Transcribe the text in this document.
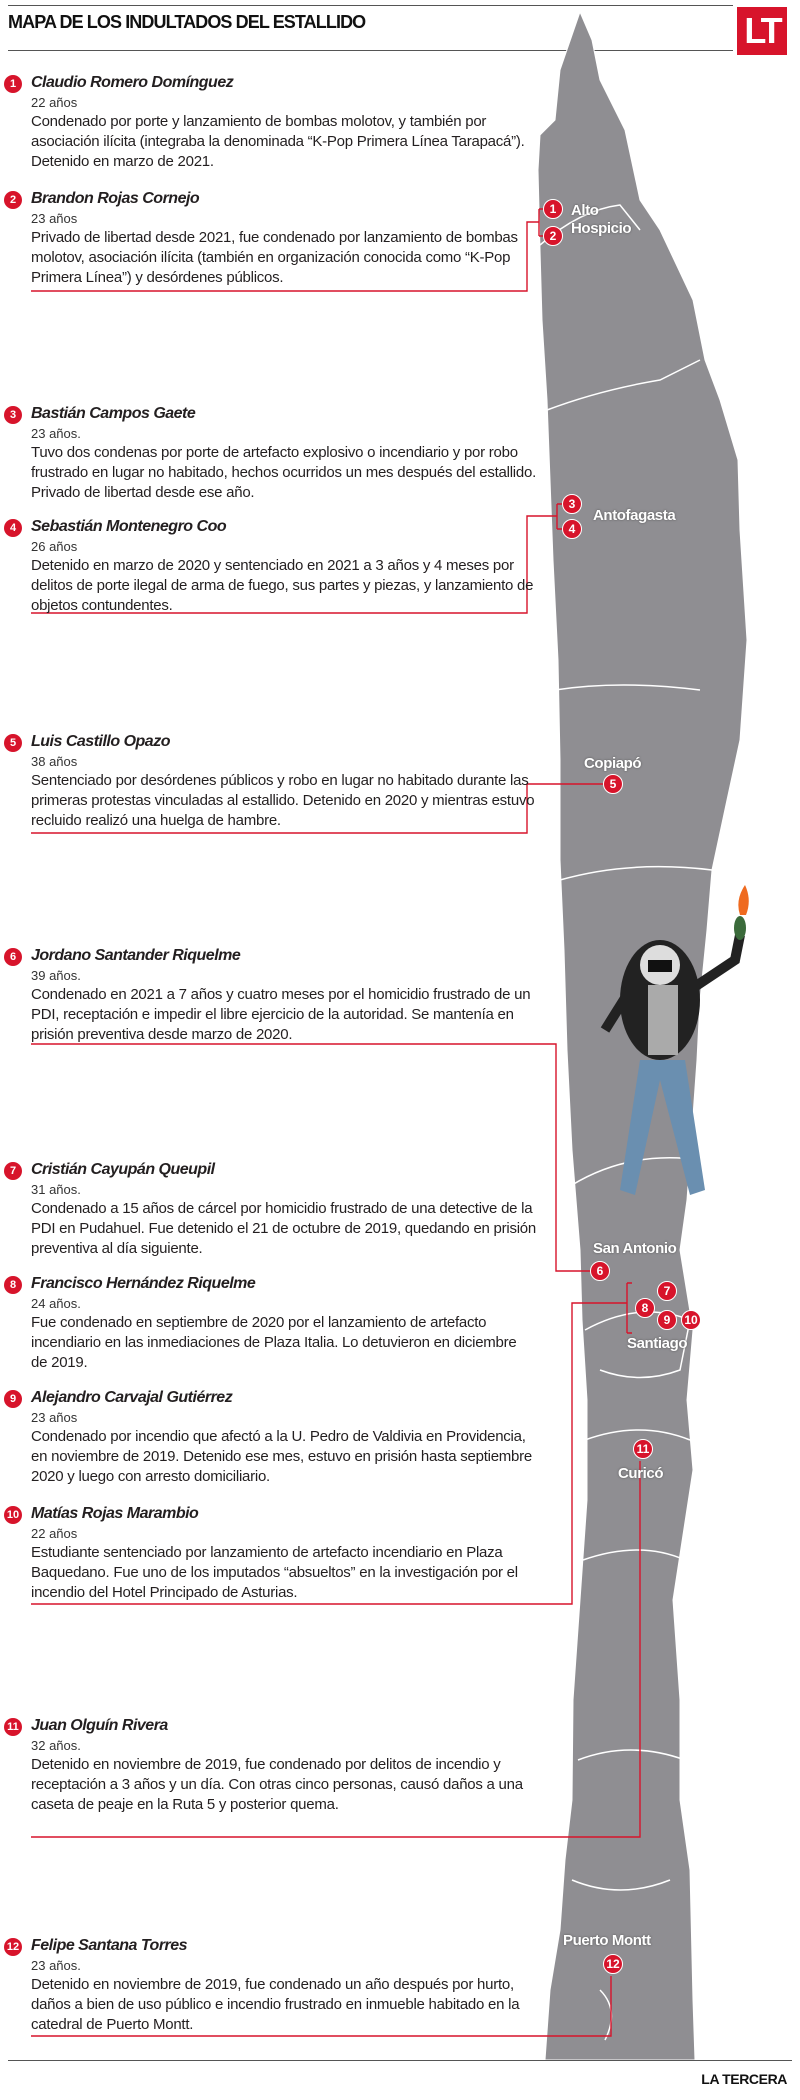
MAPA DE LOS INDULTADOS DEL ESTALLIDO	LT
Alto Hospicio
1
2
Antofagasta
3
4
Copiapó
5
San Antonio
6
7
8
9	10
Santiago
11
Curicó
Puerto Montt
12
1 Claudio Romero Domínguez
22 años
Condenado por porte y lanzamiento de bombas molotov, y también por asociación ilícita (integraba la denominada “K-Pop Primera Línea Tarapacá”). Detenido en marzo de 2021.
2 Brandon Rojas Cornejo
23 años
Privado de libertad desde 2021, fue condenado por lanzamiento de bombas molotov, asociación ilícita (también en organización conocida como “K-Pop Primera Línea”) y desórdenes públicos.
3 Bastián Campos Gaete
23 años.
Tuvo dos condenas por porte de artefacto explosivo o incendiario y por robo frustrado en lugar no habitado, hechos ocurridos un mes después del estallido. Privado de libertad desde ese año.
4 Sebastián Montenegro Coo
26 años
Detenido en marzo de 2020 y sentenciado en 2021 a 3 años y 4 meses por delitos de porte ilegal de arma de fuego, sus partes y piezas, y lanzamiento de objetos contundentes.
5 Luis Castillo Opazo
38 años
Sentenciado por desórdenes públicos y robo en lugar no habitado durante las primeras protestas vinculadas al estallido. Detenido en 2020 y mientras estuvo recluido realizó una huelga de hambre.
6 Jordano Santander Riquelme
39 años.
Condenado en 2021 a 7 años y cuatro meses por el homicidio frustrado de un PDI, receptación e impedir el libre ejercicio de la autoridad. Se mantenía en prisión preventiva desde marzo de 2020.
7 Cristián Cayupán Queupil
31 años.
Condenado a 15 años de cárcel por homicidio frustrado de una detective de la PDI en Pudahuel. Fue detenido el 21 de octubre de 2019, quedando en prisión preventiva al día siguiente.
8 Francisco Hernández Riquelme
24 años.
Fue condenado en septiembre de 2020 por el lanzamiento de artefacto incendiario en las inmediaciones de Plaza Italia. Lo detuvieron en diciembre de 2019.
9 Alejandro Carvajal Gutiérrez
23 años
Condenado por incendio que afectó a la U. Pedro de Valdivia en Providencia, en noviembre de 2019. Detenido ese mes, estuvo en prisión hasta septiembre 2020 y luego con arresto domiciliario.
10 Matías Rojas Marambio
22 años
Estudiante sentenciado por lanzamiento de artefacto incendiario en Plaza Baquedano. Fue uno de los imputados “absueltos” en la investigación por el incendio del Hotel Principado de Asturias.
11 Juan Olguín Rivera
32 años.
Detenido en noviembre de 2019, fue condenado por delitos de incendio y receptación a 3 años y un día. Con otras cinco personas, causó daños a una caseta de peaje en la Ruta 5 y posterior quema.
12 Felipe Santana Torres
23 años.
Detenido en noviembre de 2019, fue condenado un año después por hurto, daños a bien de uso público e incendio frustrado en inmueble habitado en la catedral de Puerto Montt.
LA TERCERA
